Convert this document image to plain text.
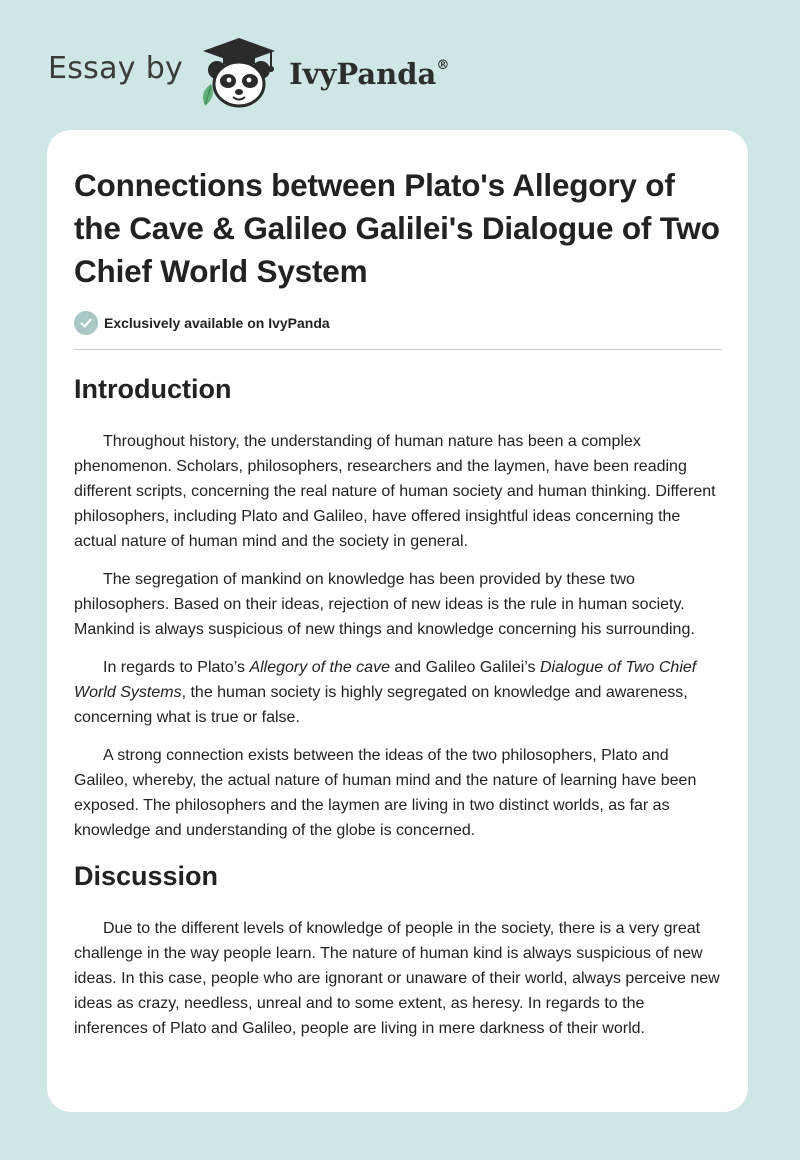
Essay by	IvyPanda®
Connections between Plato's Allegory of the Cave & Galileo Galilei's Dialogue of Two Chief World System
Exclusively available on IvyPanda
Introduction

Throughout history, the understanding of human nature has been a complex phenomenon. Scholars, philosophers, researchers and the laymen, have been reading different scripts, concerning the real nature of human society and human thinking. Different philosophers, including Plato and Galileo, have offered insightful ideas concerning the actual nature of human mind and the society in general.

The segregation of mankind on knowledge has been provided by these two philosophers. Based on their ideas, rejection of new ideas is the rule in human society. Mankind is always suspicious of new things and knowledge concerning his surrounding.

In regards to Plato’s Allegory of the cave and Galileo Galilei’s Dialogue of Two Chief World Systems, the human society is highly segregated on knowledge and awareness, concerning what is true or false.

A strong connection exists between the ideas of the two philosophers, Plato and Galileo, whereby, the actual nature of human mind and the nature of learning have been exposed. The philosophers and the laymen are living in two distinct worlds, as far as knowledge and understanding of the globe is concerned.

Discussion

Due to the different levels of knowledge of people in the society, there is a very great challenge in the way people learn. The nature of human kind is always suspicious of new ideas. In this case, people who are ignorant or unaware of their world, always perceive new ideas as crazy, needless, unreal and to some extent, as heresy. In regards to the inferences of Plato and Galileo, people are living in mere darkness of their world.
